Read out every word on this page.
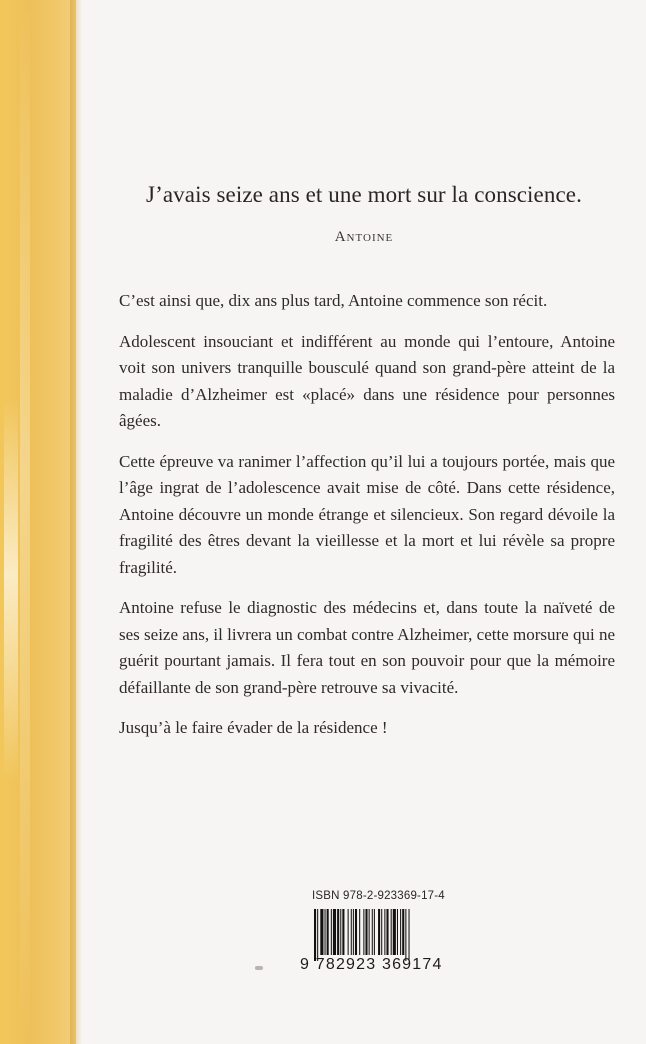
J’avais seize ans et une mort sur la conscience.
Antoine

C’est ainsi que, dix ans plus tard, Antoine commence son récit.

Adolescent insouciant et indifférent au monde qui l’entoure, Antoine voit son univers tranquille bousculé quand son grand-père atteint de la maladie d’Alzheimer est «placé» dans une résidence pour personnes âgées.

Cette épreuve va ranimer l’affection qu’il lui a toujours portée, mais que l’âge ingrat de l’adolescence avait mise de côté. Dans cette résidence, Antoine découvre un monde étrange et silencieux. Son regard dévoile la fragilité des êtres devant la vieillesse et la mort et lui révèle sa propre fragilité.

Antoine refuse le diagnostic des médecins et, dans toute la naïveté de ses seize ans, il livrera un combat contre Alzheimer, cette morsure qui ne guérit pourtant jamais. Il fera tout en son pouvoir pour que la mémoire défaillante de son grand-père retrouve sa vivacité.

Jusqu’à le faire évader de la résidence !

ISBN 978-2-923369-17-4
9 782923 369174
